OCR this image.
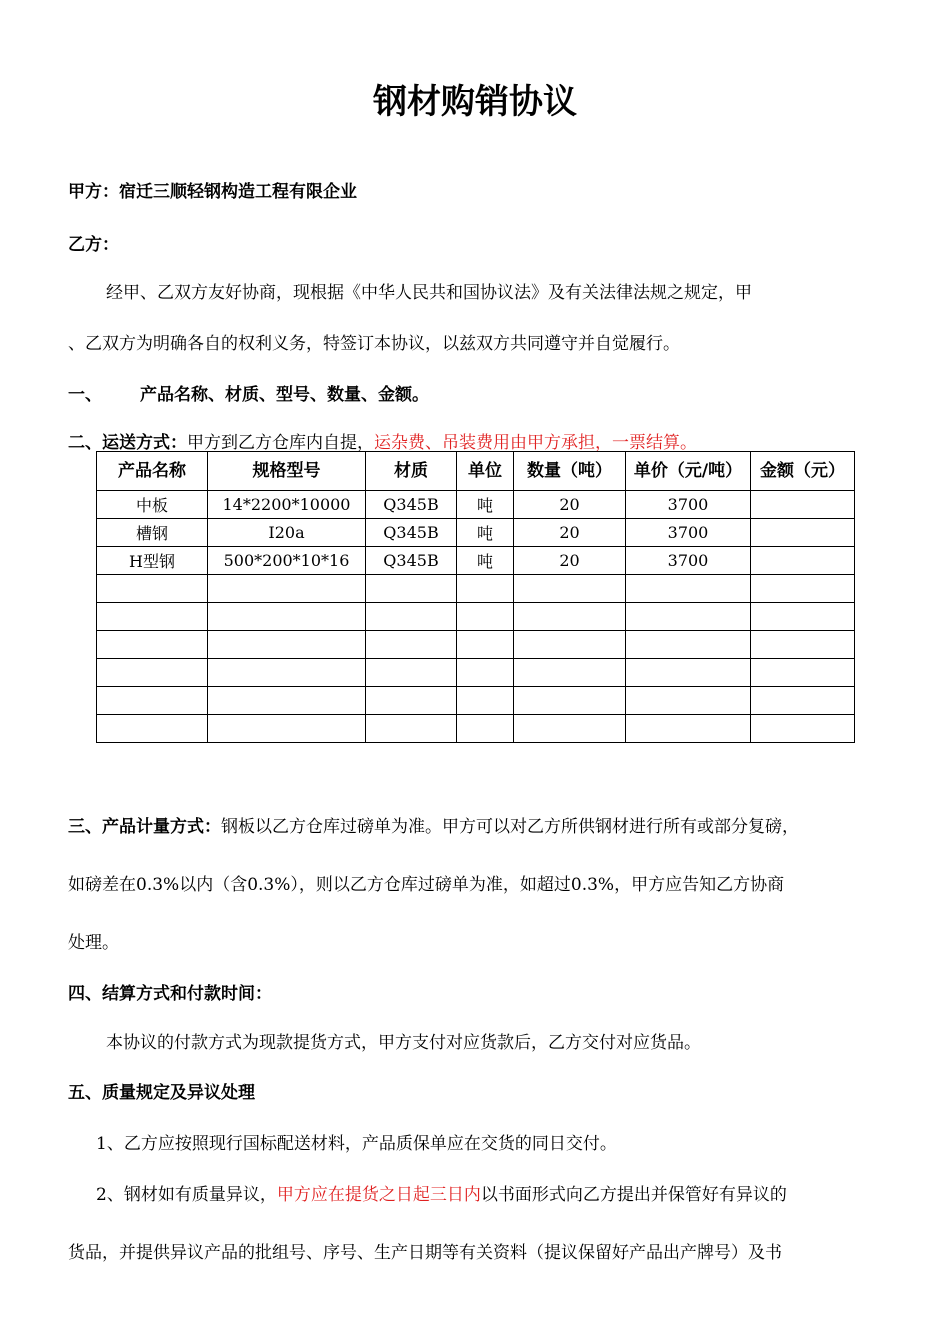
钢材购销协议
甲方：宿迁三顺轻钢构造工程有限企业
乙方：
经甲、乙双方友好协商，现根据《中华人民共和国协议法》及有关法律法规之规定，甲
、乙双方为明确各自的权利义务，特签订本协议，以兹双方共同遵守并自觉履行。
一、 产品名称、材质、型号、数量、金额。
二、运送方式：甲方到乙方仓库内自提，运杂费、吊装费用由甲方承担，一票结算。
产品名称	规格型号	材质	单位	数量（吨）	单价（元/吨）	金额（元）
中板	14*2200*10000	Q345B	吨	20	3700	
槽钢	I20a	Q345B	吨	20	3700	
H型钢	500*200*10*16	Q345B	吨	20	3700	

三、产品计量方式：钢板以乙方仓库过磅单为准。甲方可以对乙方所供钢材进行所有或部分复磅，
如磅差在0.3%以内（含0.3%），则以乙方仓库过磅单为准，如超过0.3%，甲方应告知乙方协商
处理。
四、结算方式和付款时间：
本协议的付款方式为现款提货方式，甲方支付对应货款后，乙方交付对应货品。
五、质量规定及异议处理
1、乙方应按照现行国标配送材料，产品质保单应在交货的同日交付。
2、钢材如有质量异议，甲方应在提货之日起三日内以书面形式向乙方提出并保管好有异议的
货品，并提供异议产品的批组号、序号、生产日期等有关资料（提议保留好产品出产牌号）及书
